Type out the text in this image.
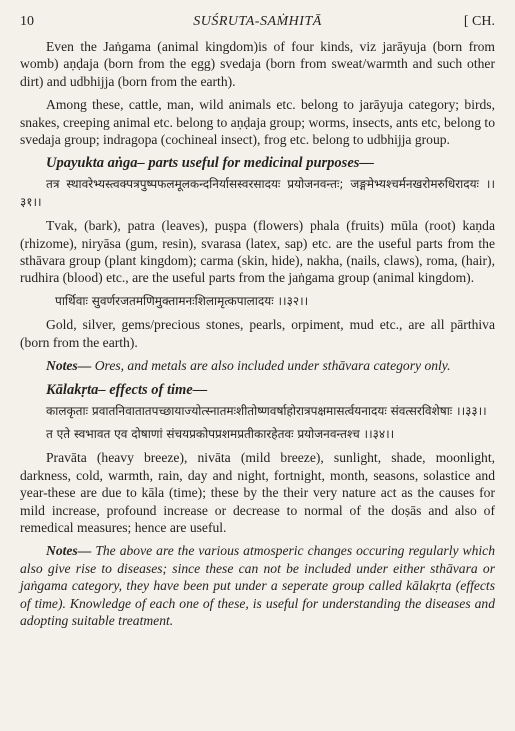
10	SUŚRUTA-SAṀHITĀ	[ CH.

Even the Jaṅgama (animal kingdom)is of four kinds, viz jarāyuja (born from womb) aṇḍaja (born from the egg) svedaja (born from sweat/warmth and such other dirt) and udbhijja (born from the earth).

Among these, cattle, man, wild animals etc. belong to jarāyuja category; birds, snakes, creeping animal etc. belong to aṇḍaja group; worms, insects, ants etc, belong to svedaja group; indragopa (cochineal insect), frog etc. belong to udbhijja group.

Upayukta aṅga– parts useful for medicinal purposes—

तत्र स्थावरेभ्यस्त्वक्पत्रपुष्पफलमूलकन्दनिर्यासस्वरसादयः प्रयोजनवन्तः; जङ्गमेभ्यश्चर्मनखरोमरुधिरादयः ।।३१।।

Tvak, (bark), patra (leaves), puṣpa (flowers) phala (fruits) mūla (root) kaṇda (rhizome), niryāsa (gum, resin), svarasa (latex, sap) etc. are the useful parts from the sthāvara group (plant kingdom); carma (skin, hide), nakha, (nails, claws), roma, (hair), rudhira (blood) etc., are the useful parts from the jaṅgama group (animal kingdom).

पार्थिवाः सुवर्णरजतमणिमुक्तामनःशिलामृत्कपालादयः ।।३२।।

Gold, silver, gems/precious stones, pearls, orpiment, mud etc., are all pārthiva (born from the earth).

Notes— Ores, and metals are also included under sthāvara category only.

Kālakṛta– effects of time—

कालकृताः प्रवातनिवातातपच्छायाज्योत्स्नातमःशीतोष्णवर्षाहोरात्रपक्षमासर्त्वयनादयः संवत्सरविशेषाः ।।३३।।

त एते स्वभावत एव दोषाणां संचयप्रकोपप्रशमप्रतीकारहेतवः प्रयोजनवन्तश्च ।।३४।।

Pravāta (heavy breeze), nivāta (mild breeze), sunlight, shade, moonlight, darkness, cold, warmth, rain, day and night, fortnight, month, seasons, solastice and year-these are due to kāla (time); these by the their very nature act as the causes for mild increase, profound increase or decrease to normal of the doṣās and also of remedical measures; hence are useful.

Notes— The above are the various atmosperic changes occuring regularly which also give rise to diseases; since these can not be included under either sthāvara or jaṅgama category, they have been put under a seperate group called kālakṛta (effects of time). Knowledge of each one of these, is useful for understanding the diseases and adopting suitable treatment.
